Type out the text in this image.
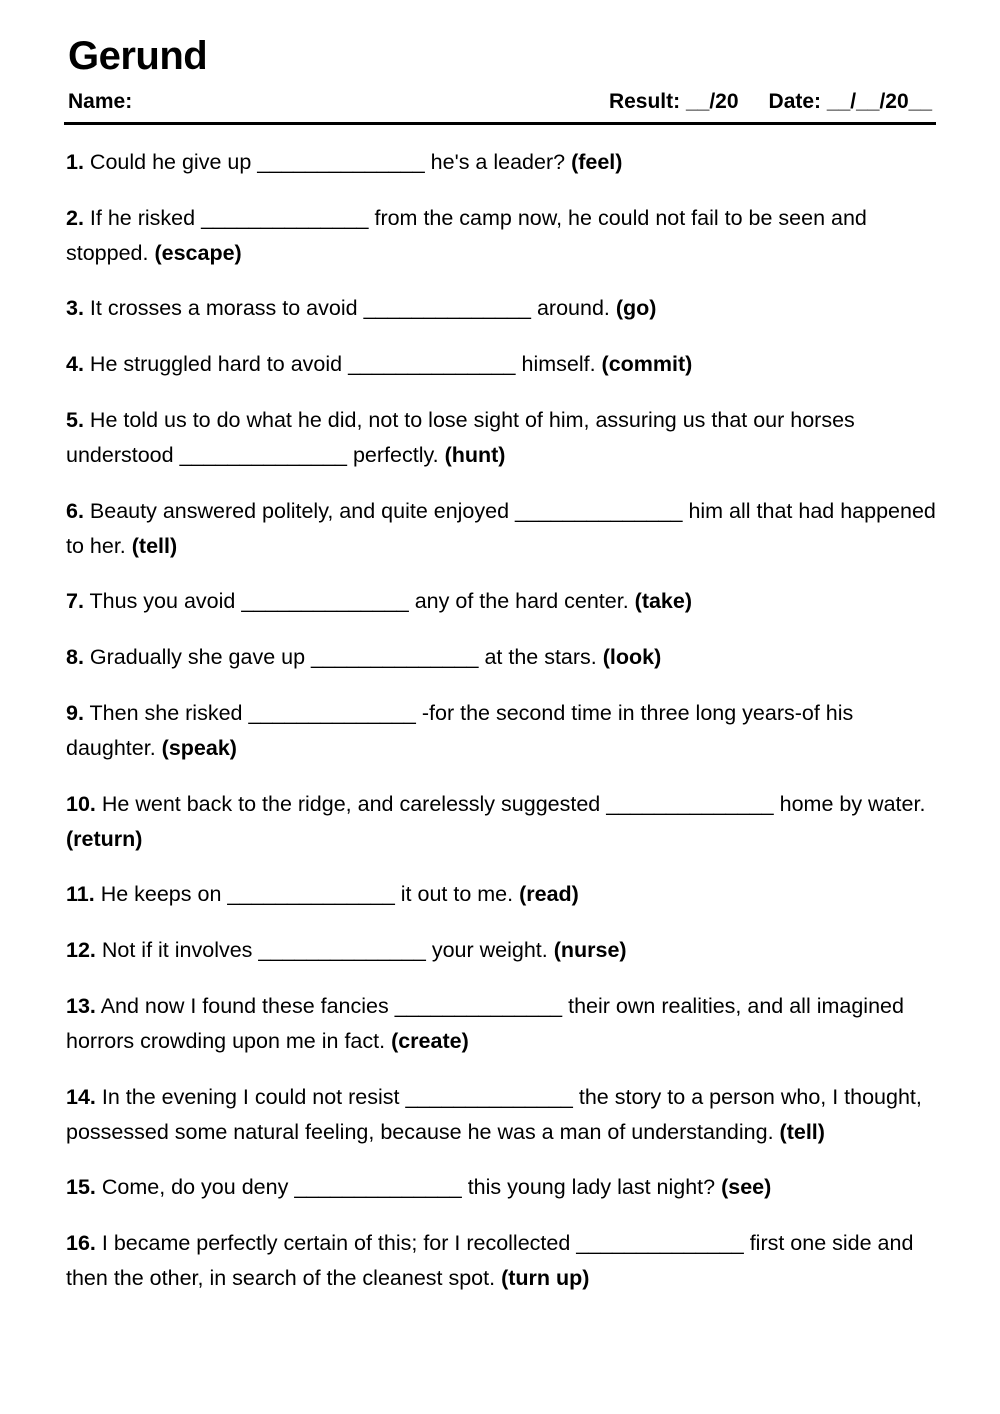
Gerund
Name:	Result: __/20 Date: __/__/20__

1. Could he give up ______________ he's a leader? (feel)

2. If he risked ______________ from the camp now, he could not fail to be seen and stopped. (escape)

3. It crosses a morass to avoid ______________ around. (go)

4. He struggled hard to avoid ______________ himself. (commit)

5. He told us to do what he did, not to lose sight of him, assuring us that our horses understood ______________ perfectly. (hunt)

6. Beauty answered politely, and quite enjoyed ______________ him all that had happened to her. (tell)

7. Thus you avoid ______________ any of the hard center. (take)

8. Gradually she gave up ______________ at the stars. (look)

9. Then she risked ______________ -for the second time in three long years-of his daughter. (speak)

10. He went back to the ridge, and carelessly suggested ______________ home by water. (return)

11. He keeps on ______________ it out to me. (read)

12. Not if it involves ______________ your weight. (nurse)

13. And now I found these fancies ______________ their own realities, and all imagined horrors crowding upon me in fact. (create)

14. In the evening I could not resist ______________ the story to a person who, I thought, possessed some natural feeling, because he was a man of understanding. (tell)

15. Come, do you deny ______________ this young lady last night? (see)

16. I became perfectly certain of this; for I recollected ______________ first one side and then the other, in search of the cleanest spot. (turn up)
